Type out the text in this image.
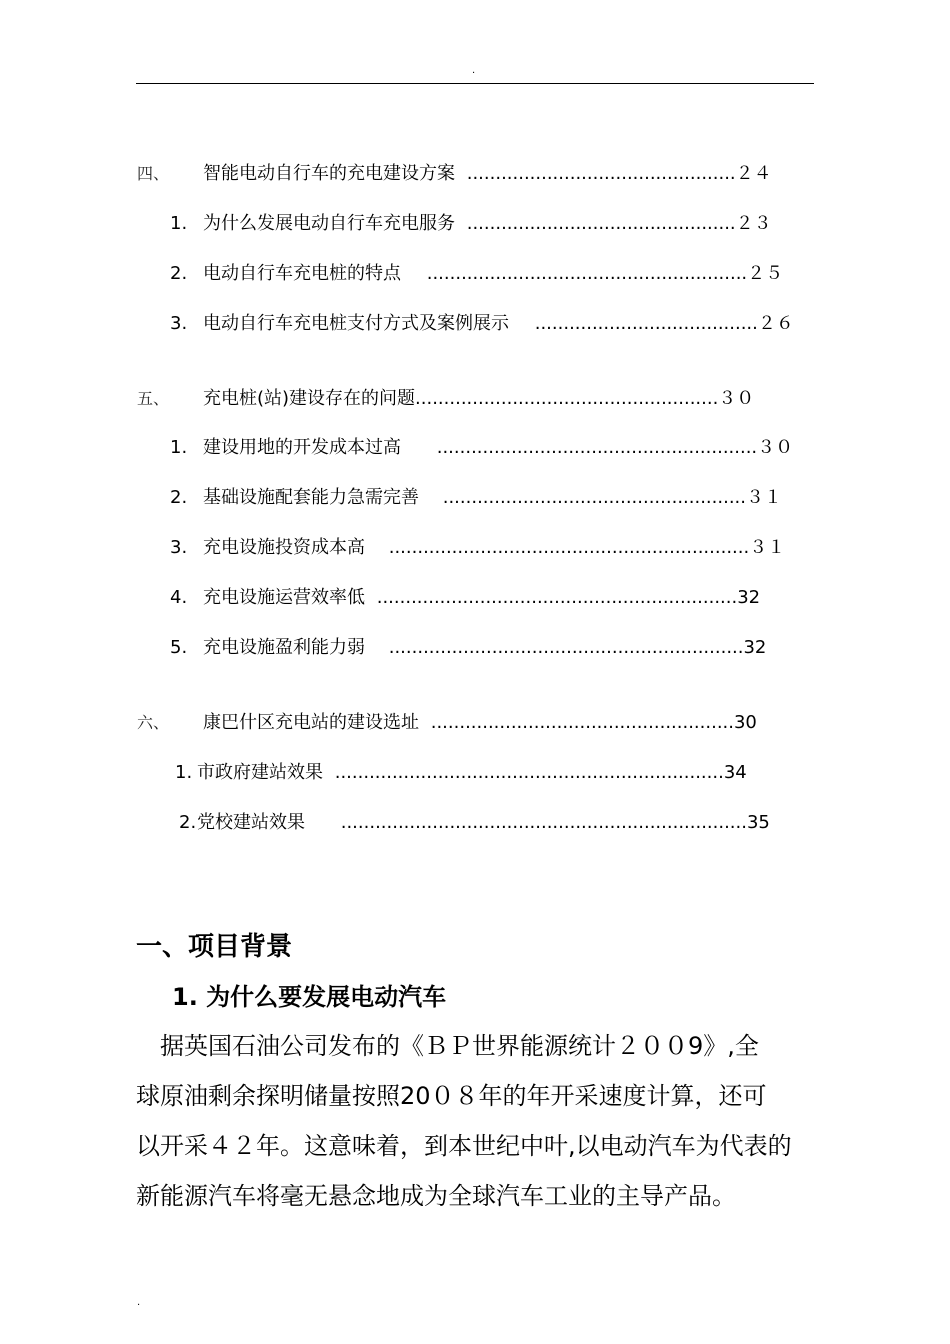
.
四、 智能电动自行车的充电建设方案 ...............................................２４
1. 为什么发展电动自行车充电服务 ...............................................２３
2. 电动自行车充电桩的特点 ........................................................２５
3. 电动自行车充电桩支付方式及案例展示 .......................................２６
五、 充电桩(站)建设存在的问题.....................................................３０
1. 建设用地的开发成本过高 ........................................................３０
2. 基础设施配套能力急需完善 .....................................................３１
3. 充电设施投资成本高 ...............................................................３１
4. 充电设施运营效率低 ...............................................................32
5. 充电设施盈利能力弱 ..............................................................32
六、 康巴什区充电站的建设选址 .....................................................30
1. 市政府建站效果 ....................................................................34
2.党校建站效果 .......................................................................35
一、项目背景
1. 为什么要发展电动汽车
　据英国石油公司发布的《ＢＰ世界能源统计２００9》,全
球原油剩余探明储量按照20０８年的年开采速度计算，还可
以开采４２年。这意味着，到本世纪中叶,以电动汽车为代表的
新能源汽车将毫无悬念地成为全球汽车工业的主导产品。
.
